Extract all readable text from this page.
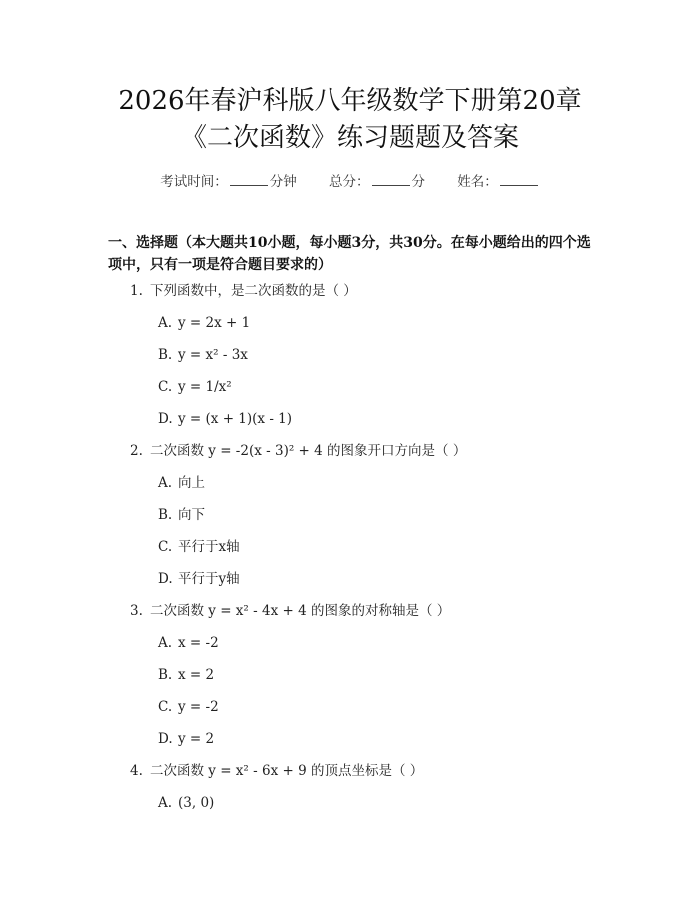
2026年春沪科版八年级数学下册第20章
《二次函数》练习题题及答案
考试时间：	分钟 总分：	分 姓名：
一、选择题（本大题共10小题，每小题3分，共30分。在每小题给出的四个选项中，只有一项是符合题目要求的）
1. 下列函数中，是二次函数的是（ ）
A. y = 2x + 1
B. y = x² - 3x
C. y = 1/x²
D. y = (x + 1)(x - 1)
2. 二次函数 y = -2(x - 3)² + 4 的图象开口方向是（ ）
A. 向上
B. 向下
C. 平行于x轴
D. 平行于y轴
3. 二次函数 y = x² - 4x + 4 的图象的对称轴是（ ）
A. x = -2
B. x = 2
C. y = -2
D. y = 2
4. 二次函数 y = x² - 6x + 9 的顶点坐标是（ ）
A. (3, 0)
